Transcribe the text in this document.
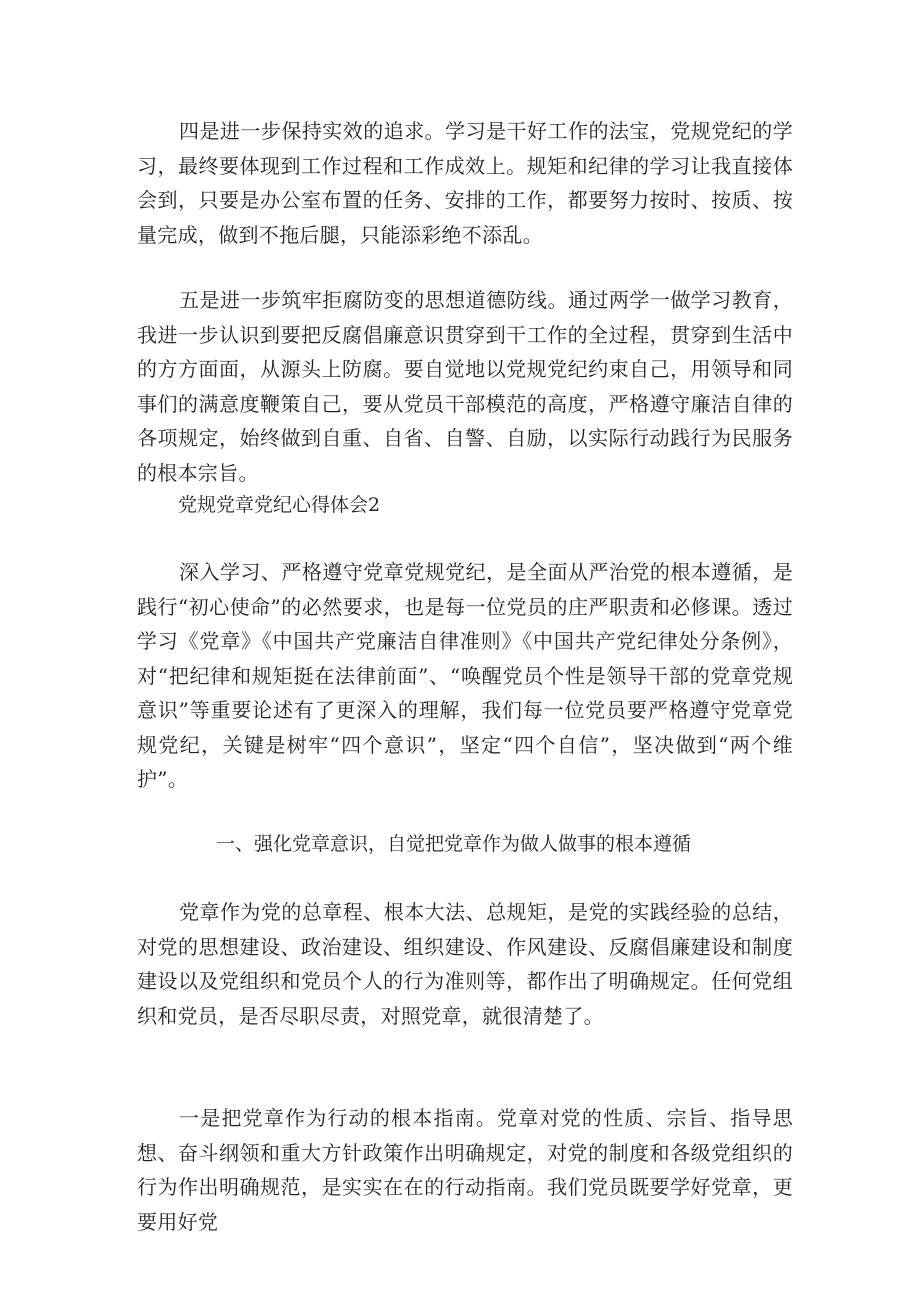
四是进一步保持实效的追求。学习是干好工作的法宝，党规党纪的学习，最终要体现到工作过程和工作成效上。规矩和纪律的学习让我直接体会到，只要是办公室布置的任务、安排的工作，都要努力按时、按质、按量完成，做到不拖后腿，只能添彩绝不添乱。

五是进一步筑牢拒腐防变的思想道德防线。通过两学一做学习教育，我进一步认识到要把反腐倡廉意识贯穿到干工作的全过程，贯穿到生活中的方方面面，从源头上防腐。要自觉地以党规党纪约束自己，用领导和同事们的满意度鞭策自己，要从党员干部模范的高度，严格遵守廉洁自律的各项规定，始终做到自重、自省、自警、自励，以实际行动践行为民服务的根本宗旨。

党规党章党纪心得体会2

深入学习、严格遵守党章党规党纪，是全面从严治党的根本遵循，是践行“初心使命”的必然要求，也是每一位党员的庄严职责和必修课。透过学习《党章》《中国共产党廉洁自律准则》《中国共产党纪律处分条例》，对“把纪律和规矩挺在法律前面”、“唤醒党员个性是领导干部的党章党规意识”等重要论述有了更深入的理解，我们每一位党员要严格遵守党章党规党纪，关键是树牢“四个意识”，坚定“四个自信”，坚决做到“两个维护”。

一、强化党章意识，自觉把党章作为做人做事的根本遵循

党章作为党的总章程、根本大法、总规矩，是党的实践经验的总结，对党的思想建设、政治建设、组织建设、作风建设、反腐倡廉建设和制度建设以及党组织和党员个人的行为准则等，都作出了明确规定。任何党组织和党员，是否尽职尽责，对照党章，就很清楚了。

一是把党章作为行动的根本指南。党章对党的性质、宗旨、指导思想、奋斗纲领和重大方针政策作出明确规定，对党的制度和各级党组织的行为作出明确规范，是实实在在的行动指南。我们党员既要学好党章，更要用好党
